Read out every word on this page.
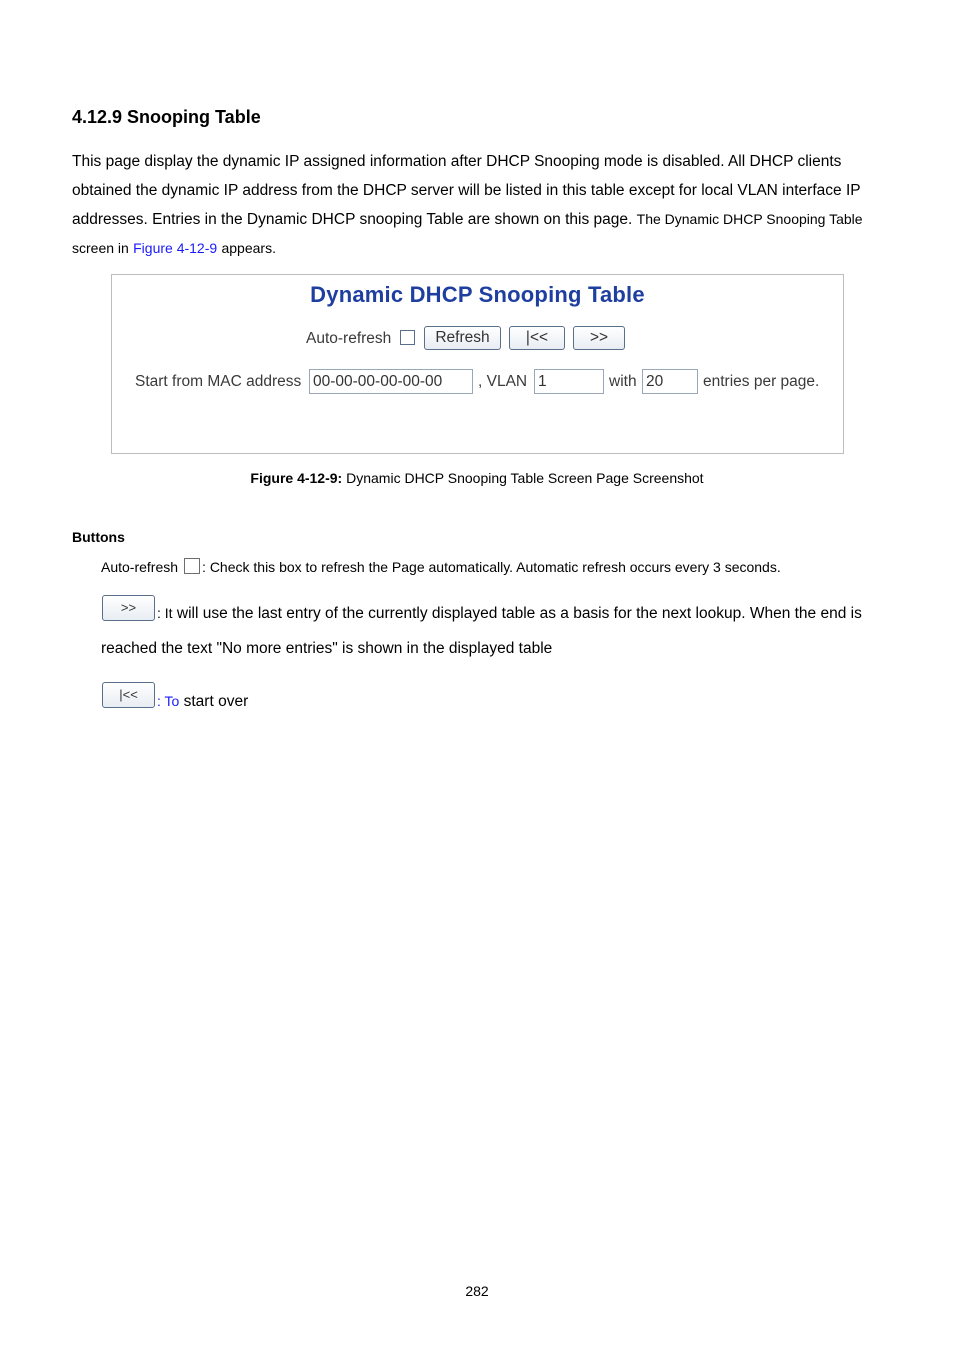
4.12.9 Snooping Table
This page display the dynamic IP assigned information after DHCP Snooping mode is disabled. All DHCP clients obtained the dynamic IP address from the DHCP server will be listed in this table except for local VLAN interface IP addresses. Entries in the Dynamic DHCP snooping Table are shown on this page. The Dynamic DHCP Snooping Table screen in Figure 4-12-9 appears.
Dynamic DHCP Snooping Table
Auto-refresh	Refresh	|<<	>>
Start from MAC address 00-00-00-00-00-00	, VLAN 1	with 20	entries per page.
Figure 4-12-9: Dynamic DHCP Snooping Table Screen Page Screenshot
Buttons
Auto-refresh : Check this box to refresh the Page automatically. Automatic refresh occurs every 3 seconds.
>>	: It will use the last entry of the currently displayed table as a basis for the next lookup. When the end is
reached the text "No more entries" is shown in the displayed table
|<<	: To start over
282
